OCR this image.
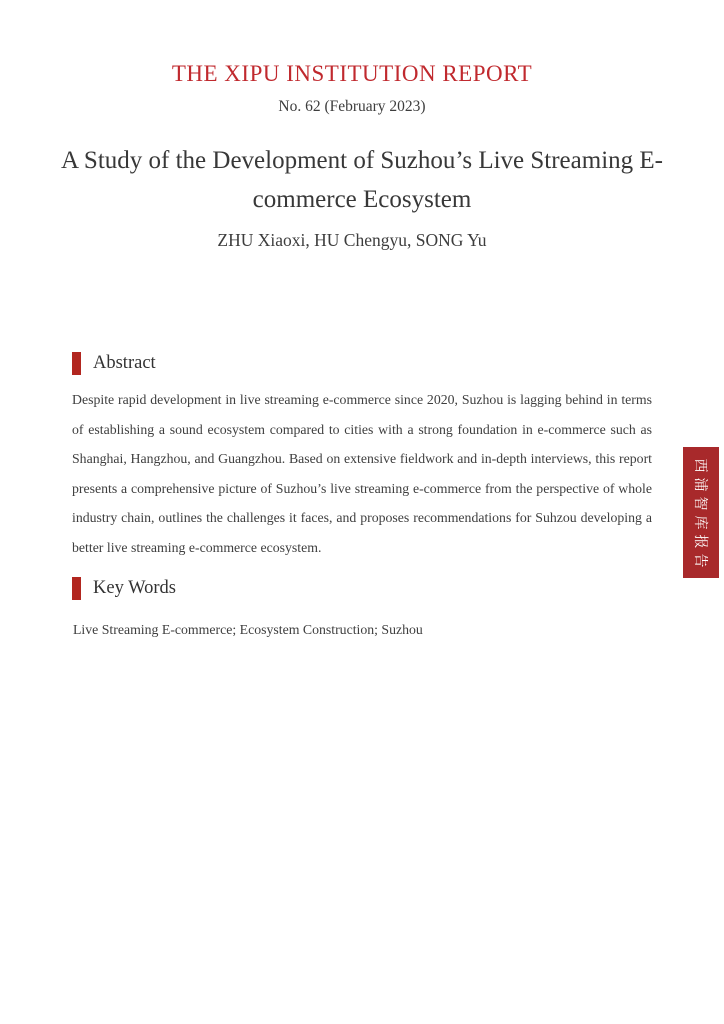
THE XIPU INSTITUTION REPORT
No. 62 (February 2023)
A Study of the Development of Suzhou’s Live Streaming E-commerce Ecosystem
ZHU Xiaoxi, HU Chengyu, SONG Yu
Abstract

Despite rapid development in live streaming e-commerce since 2020, Suzhou is lagging behind in terms of establishing a sound ecosystem compared to cities with a strong foundation in e-commerce such as Shanghai, Hangzhou, and Guangzhou. Based on extensive fieldwork and in-depth interviews, this report presents a comprehensive picture of Suzhou’s live streaming e-commerce from the perspective of whole industry chain, outlines the challenges it faces, and proposes recommendations for Suhzou developing a better live streaming e-commerce ecosystem.

Key Words

Live Streaming E-commerce; Ecosystem Construction; Suzhou

西浦智库报告
